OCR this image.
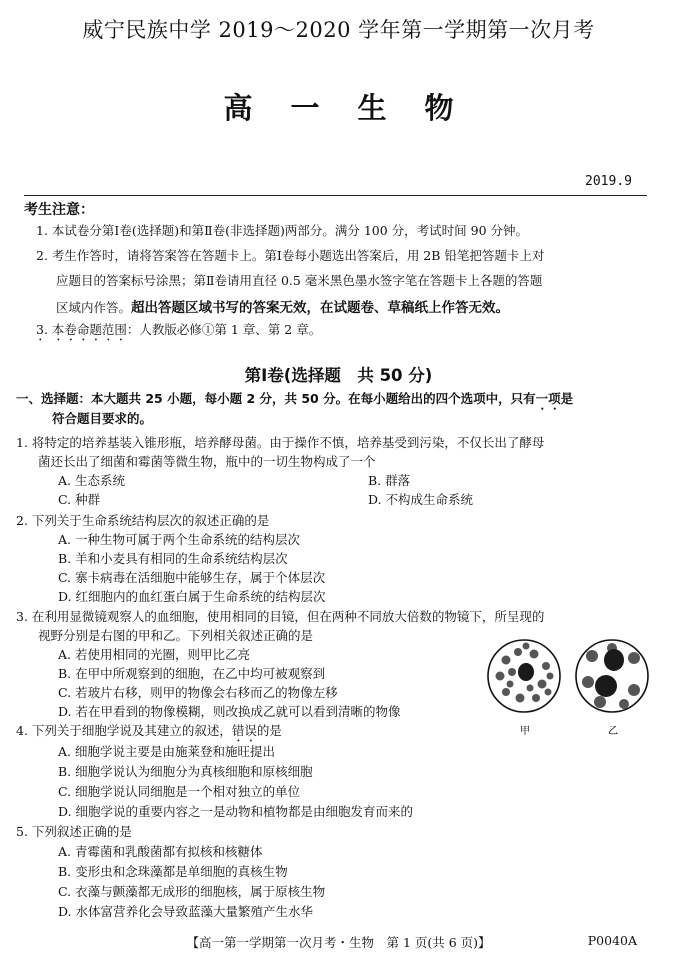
威宁民族中学 2019～2020 学年第一学期第一次月考
高一生物
2019.9
考生注意：
1. 本试卷分第Ⅰ卷(选择题)和第Ⅱ卷(非选择题)两部分。满分 100 分，考试时间 90 分钟。
2. 考生作答时，请将答案答在答题卡上。第Ⅰ卷每小题选出答案后，用 2B 铅笔把答题卡上对
应题目的答案标号涂黑；第Ⅱ卷请用直径 0.5 毫米黑色墨水签字笔在答题卡上各题的答题
区域内作答。超出答题区域书写的答案无效，在试题卷、草稿纸上作答无效。
3. 本卷命题范围：人教版必修①第 1 章、第 2 章。
第Ⅰ卷(选择题　共 50 分)
一、选择题：本大题共 25 小题，每小题 2 分，共 50 分。在每小题给出的四个选项中，只有一项是
符合题目要求的。
1. 将特定的培养基装入锥形瓶，培养酵母菌。由于操作不慎，培养基受到污染，不仅长出了酵母
菌还长出了细菌和霉菌等微生物，瓶中的一切生物构成了一个
A. 生态系统	B. 群落
C. 种群	D. 不构成生命系统
2. 下列关于生命系统结构层次的叙述正确的是
A. 一种生物可属于两个生命系统的结构层次
B. 羊和小麦具有相同的生命系统结构层次
C. 寨卡病毒在活细胞中能够生存，属于个体层次
D. 红细胞内的血红蛋白属于生命系统的结构层次
3. 在利用显微镜观察人的血细胞，使用相同的目镜，但在两种不同放大倍数的物镜下，所呈现的
视野分别是右图的甲和乙。下列相关叙述正确的是
A. 若使用相同的光圈，则甲比乙亮
B. 在甲中所观察到的细胞，在乙中均可被观察到
C. 若玻片右移，则甲的物像会右移而乙的物像左移
D. 若在甲看到的物像模糊，则改换成乙就可以看到清晰的物像
甲	乙
4. 下列关于细胞学说及其建立的叙述，错误的是
A. 细胞学说主要是由施莱登和施旺提出
B. 细胞学说认为细胞分为真核细胞和原核细胞
C. 细胞学说认同细胞是一个相对独立的单位
D. 细胞学说的重要内容之一是动物和植物都是由细胞发育而来的
5. 下列叙述正确的是
A. 青霉菌和乳酸菌都有拟核和核糖体
B. 变形虫和念珠藻都是单细胞的真核生物
C. 衣藻与颤藻都无成形的细胞核，属于原核生物
D. 水体富营养化会导致蓝藻大量繁殖产生水华
【高一第一学期第一次月考・生物　第 1 页(共 6 页)】	P0040A
